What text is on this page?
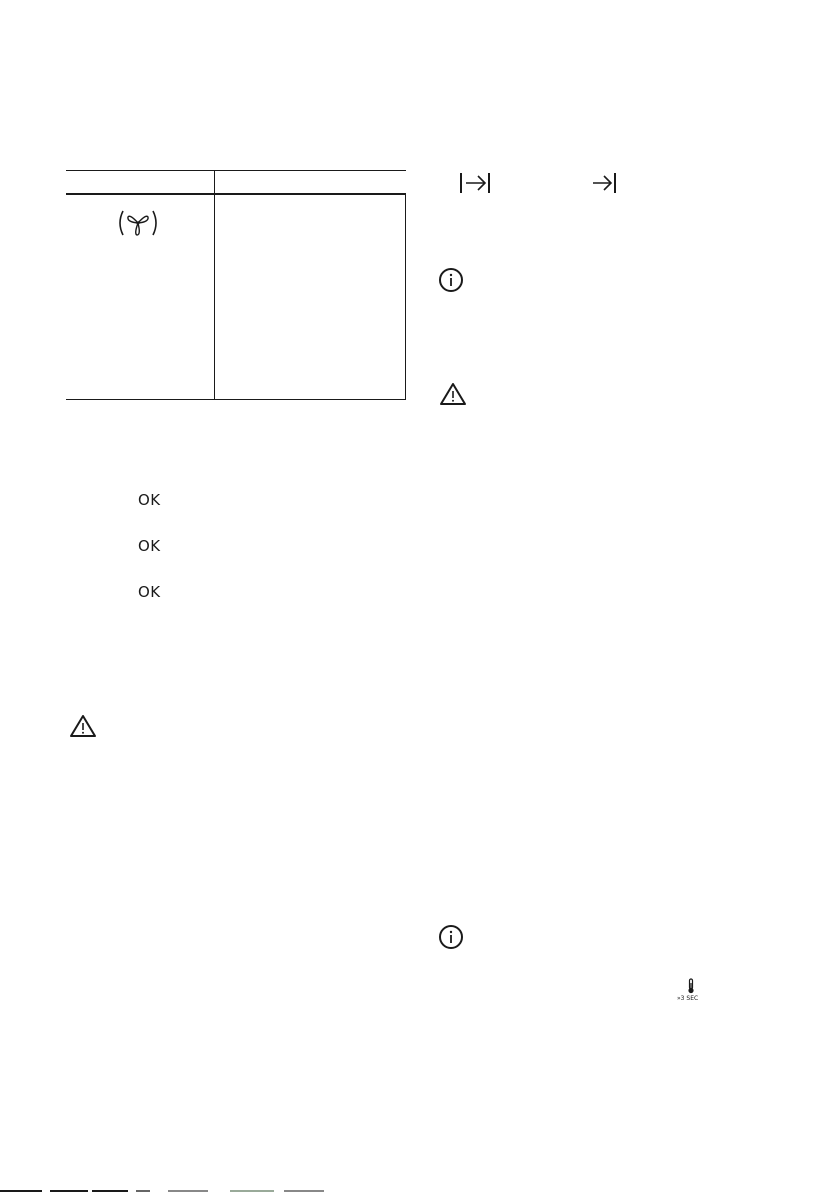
OK
OK
OK
»3 SEC
